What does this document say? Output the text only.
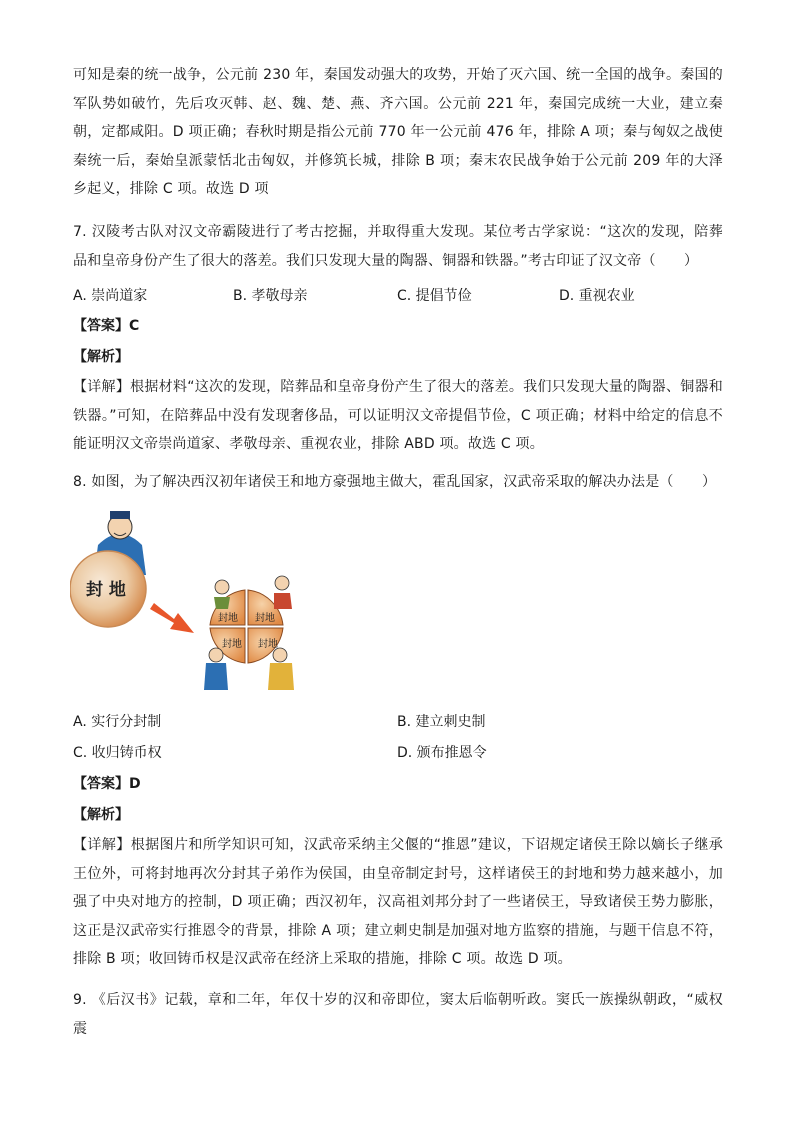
可知是秦的统一战争，公元前 230 年，秦国发动强大的攻势，开始了灭六国、统一全国的战争。秦国的军队势如破竹，先后攻灭韩、赵、魏、楚、燕、齐六国。公元前 221 年，秦国完成统一大业，建立秦朝，定都咸阳。D 项正确；春秋时期是指公元前 770 年一公元前 476 年，排除 A 项；秦与匈奴之战使秦统一后，秦始皇派蒙恬北击匈奴，并修筑长城，排除 B 项；秦末农民战争始于公元前 209 年的大泽乡起义，排除 C 项。故选 D 项
7. 汉陵考古队对汉文帝霸陵进行了考古挖掘，并取得重大发现。某位考古学家说：“这次的发现，陪葬品和皇帝身份产生了很大的落差。我们只发现大量的陶器、铜器和铁器。”考古印证了汉文帝（　　）
A. 崇尚道家	B. 孝敬母亲	C. 提倡节俭	D. 重视农业
【答案】C
【解析】
【详解】根据材料“这次的发现，陪葬品和皇帝身份产生了很大的落差。我们只发现大量的陶器、铜器和铁器。”可知，在陪葬品中没有发现奢侈品，可以证明汉文帝提倡节俭，C 项正确；材料中给定的信息不能证明汉文帝崇尚道家、孝敬母亲、重视农业，排除 ABD 项。故选 C 项。
8. 如图，为了解决西汉初年诸侯王和地方豪强地主做大，霍乱国家，汉武帝采取的解决办法是（　　）
封 地
封地 封地
封地 封地
A. 实行分封制	B. 建立刺史制
C. 收归铸币权	D. 颁布推恩令
【答案】D
【解析】
【详解】根据图片和所学知识可知，汉武帝采纳主父偃的“推恩”建议，下诏规定诸侯王除以嫡长子继承王位外，可将封地再次分封其子弟作为侯国，由皇帝制定封号，这样诸侯王的封地和势力越来越小，加强了中央对地方的控制，D 项正确；西汉初年，汉高祖刘邦分封了一些诸侯王，导致诸侯王势力膨胀，这正是汉武帝实行推恩令的背景，排除 A 项；建立刺史制是加强对地方监察的措施，与题干信息不符，排除 B 项；收回铸币权是汉武帝在经济上采取的措施，排除 C 项。故选 D 项。
9. 《后汉书》记载，章和二年，年仅十岁的汉和帝即位，窦太后临朝听政。窦氏一族操纵朝政，“威权震
